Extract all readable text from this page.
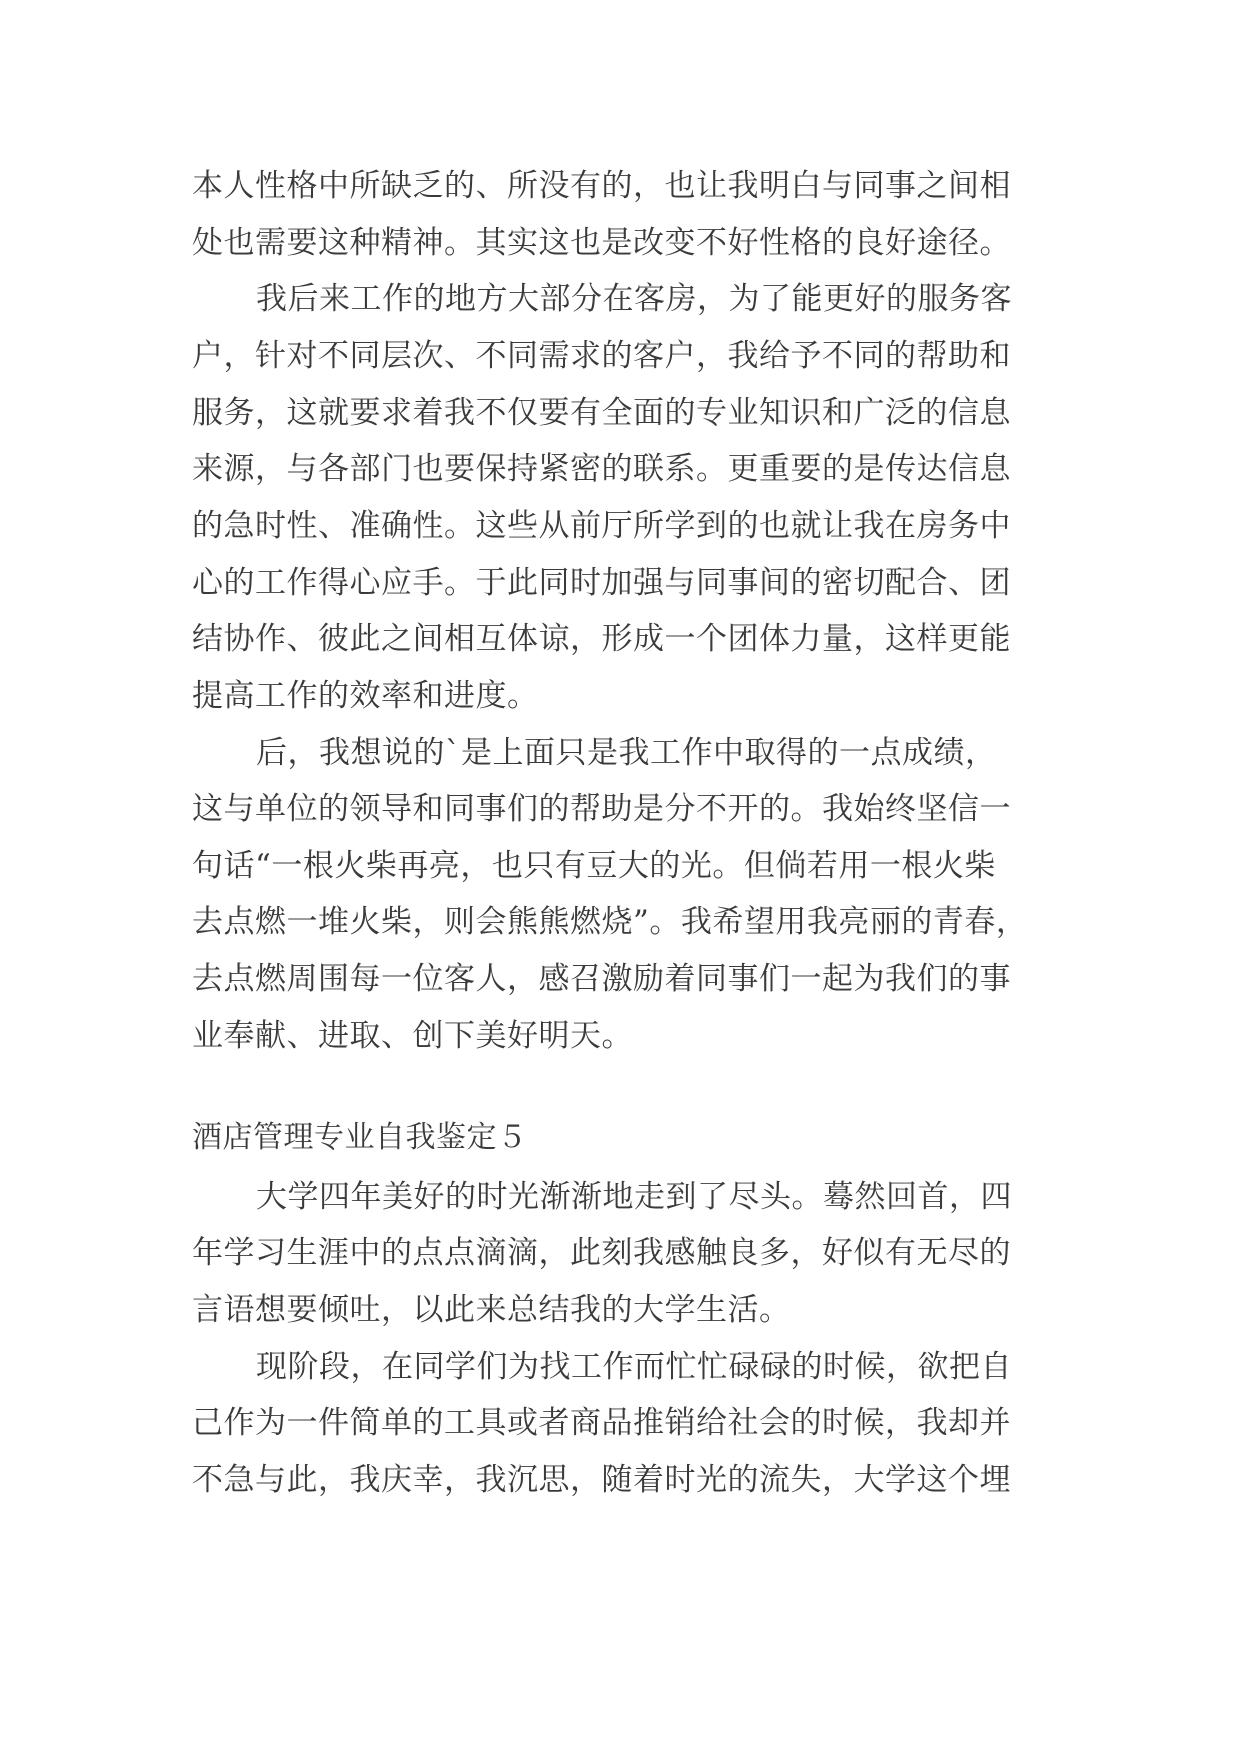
本人性格中所缺乏的、所没有的，也让我明白与同事之间相
处也需要这种精神。其实这也是改变不好性格的良好途径。
我后来工作的地方大部分在客房，为了能更好的服务客
户，针对不同层次、不同需求的客户，我给予不同的帮助和
服务，这就要求着我不仅要有全面的专业知识和广泛的信息
来源，与各部门也要保持紧密的联系。更重要的是传达信息
的急时性、准确性。这些从前厅所学到的也就让我在房务中
心的工作得心应手。于此同时加强与同事间的密切配合、团
结协作、彼此之间相互体谅，形成一个团体力量，这样更能
提高工作的效率和进度。
后，我想说的`是上面只是我工作中取得的一点成绩，
这与单位的领导和同事们的帮助是分不开的。我始终坚信一
句话“一根火柴再亮，也只有豆大的光。但倘若用一根火柴
去点燃一堆火柴，则会熊熊燃烧”。我希望用我亮丽的青春，
去点燃周围每一位客人，感召激励着同事们一起为我们的事
业奉献、进取、创下美好明天。
酒店管理专业自我鉴定５
大学四年美好的时光渐渐地走到了尽头。蓦然回首，四
年学习生涯中的点点滴滴，此刻我感触良多，好似有无尽的
言语想要倾吐，以此来总结我的大学生活。
现阶段，在同学们为找工作而忙忙碌碌的时候，欲把自
己作为一件简单的工具或者商品推销给社会的时候，我却并
不急与此，我庆幸，我沉思，随着时光的流失，大学这个埋
